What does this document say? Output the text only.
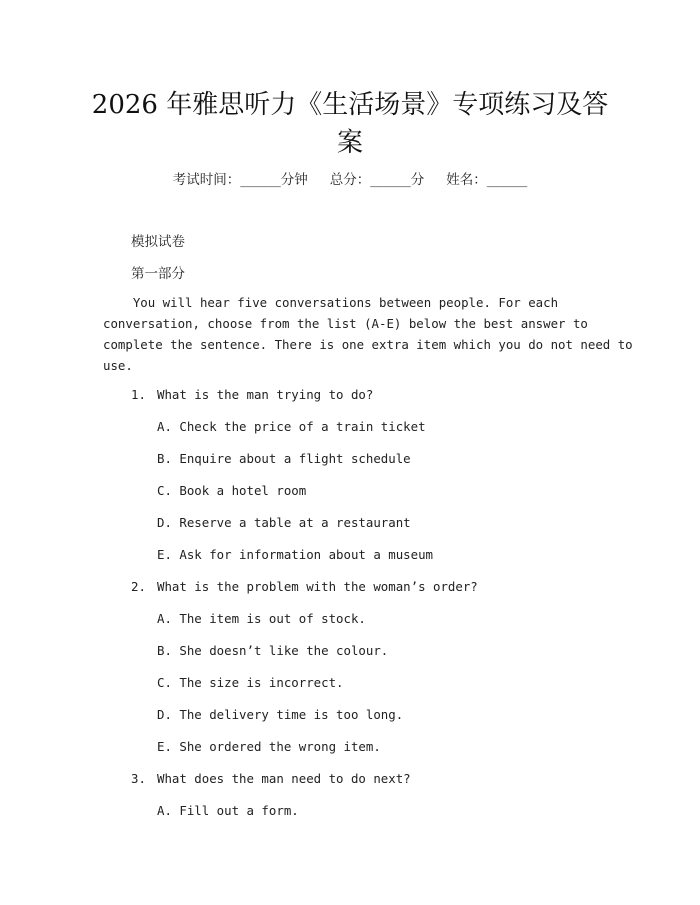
2026 年雅思听力《生活场景》专项练习及答
案
考试时间：______分钟 总分：______分 姓名：______
模拟试卷
第一部分
You will hear five conversations between people. For each
conversation, choose from the list (A-E) below the best answer to
complete the sentence. There is one extra item which you do not need to
use.
1. What is the man trying to do?
A. Check the price of a train ticket
B. Enquire about a flight schedule
C. Book a hotel room
D. Reserve a table at a restaurant
E. Ask for information about a museum
2. What is the problem with the woman’s order?
A. The item is out of stock.
B. She doesn’t like the colour.
C. The size is incorrect.
D. The delivery time is too long.
E. She ordered the wrong item.
3. What does the man need to do next?
A. Fill out a form.
